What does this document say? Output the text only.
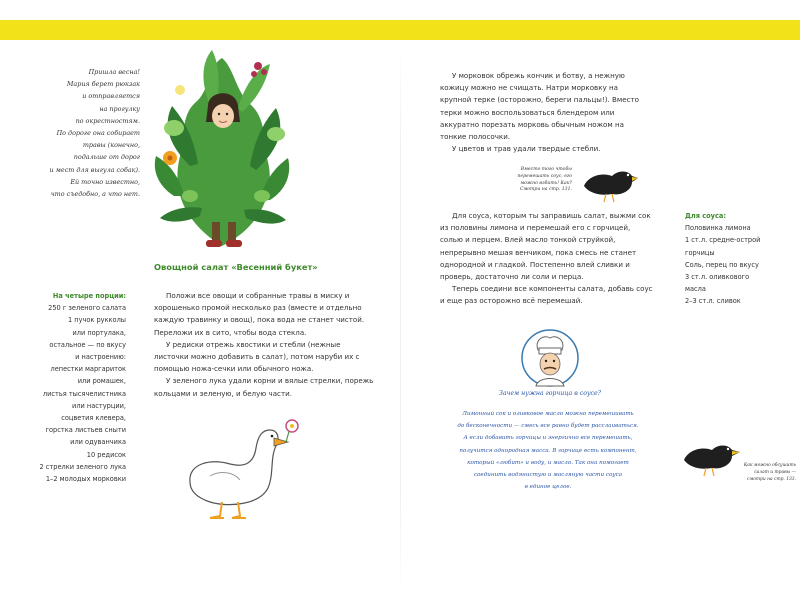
Пришла весна!
Мария берет рюкзак
и отправляется
на прогулку
по окрестностям.
По дороге она собирает
травы (конечно,
подальше от дорог
и мест для выгула собак).
Ей точно известно,
что съедобно, а что нет.
Овощной салат «Весенний букет»
На четыре порции:
250 г зеленого салата
1 пучок рукколы
или портулака,
остальное — по вкусу
и настроению:
лепестки маргариток
или ромашек,
листья тысячелистника
или настурции,
соцветия клевера,
горстка листьев сныти
или одуванчика
10 редисок
2 стрелки зеленого лука
1–2 молодых морковки

Положи все овощи и собранные травы в миску и хорошенько промой несколько раз (вместе и отдельно каждую травинку и овощ), пока вода не станет чистой. Переложи их в сито, чтобы вода стекла.

У редиски отрежь хвостики и стебли (нежные листочки можно добавить в салат), потом наруби их с помощью ножа-сечки или обычного ножа.

У зеленого лука удали корни и вялые стрелки, порежь кольцами и зеленую, и белую части.

У морковок обрежь кончик и ботву, а нежную кожицу можно не счищать. Натри морковку на крупной терке (осторожно, береги пальцы!). Вместо терки можно воспользоваться блендером или аккуратно порезать морковь обычным ножом на тонкие полосочки.

У цветов и трав удали твердые стебли.

Вместо того чтобы
перемешать соус, его
можно взбить! Как?
Смотри на стр. 131.

Для соуса, которым ты заправишь салат, выжми сок из половины лимона и перемешай его с горчицей, солью и перцем. Влей масло тонкой струйкой, непрерывно мешая венчиком, пока смесь не станет однородной и гладкой. Постепенно влей сливки и проверь, достаточно ли соли и перца.

Теперь соедини все компоненты салата, добавь соус и еще раз осторожно всё перемешай.

Для соуса:
Половинка лимона
1 ст.л. средне-острой
горчицы
Соль, перец по вкусу
3 ст.л. оливкового
масла
2–3 ст.л. сливок
Зачем нужна горчица в соусе?
Лимонный сок и оливковое масло можно перемешивать
до бесконечности — смесь все равно будет расслаиваться.
А если добавить горчицы и энергично все перемешать,
получится однородная масса. В горчице есть компонент,
который «любит» и воду, и масло. Так она помогает
соединить водянистую и масляную части соуса
в единое целое.
Как можно обсушить
салат и травы —
смотри на стр. 133.
